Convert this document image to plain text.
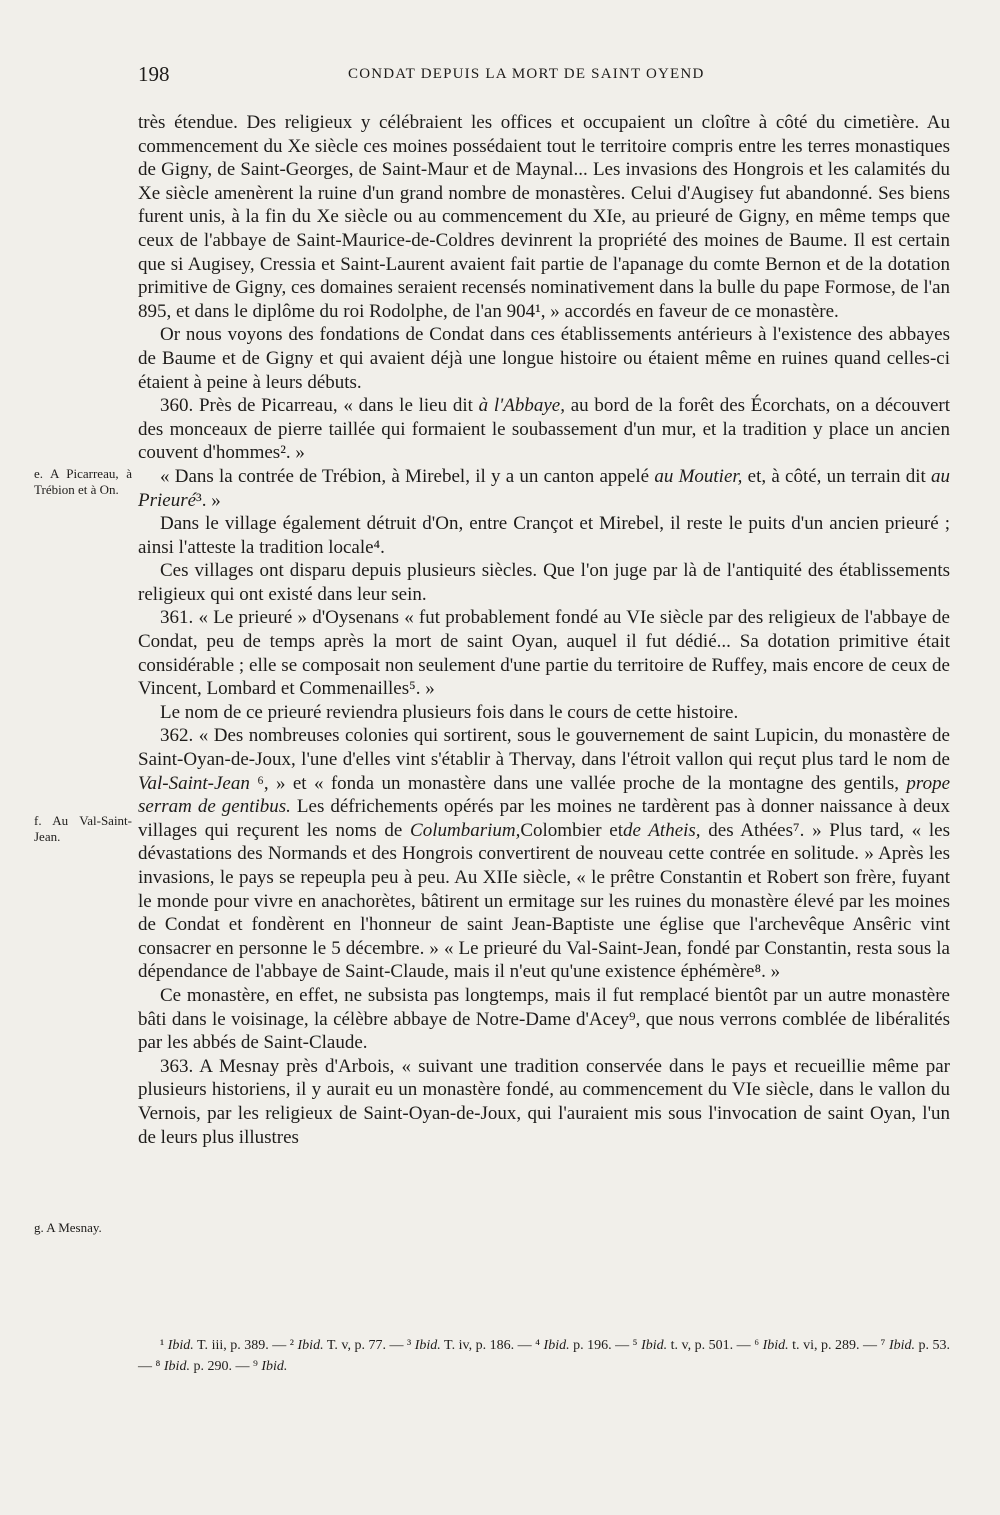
198	CONDAT DEPUIS LA MORT DE SAINT OYEND
e. A Picarreau, à Trébion et à On.
f. Au Val-Saint-Jean.
g. A Mesnay.

très étendue. Des religieux y célébraient les offices et occupaient un cloître à côté du cimetière. Au commencement du Xe siècle ces moines possédaient tout le territoire compris entre les terres monastiques de Gigny, de Saint-Georges, de Saint-Maur et de Maynal... Les invasions des Hongrois et les calamités du Xe siècle amenèrent la ruine d'un grand nombre de monastères. Celui d'Augisey fut abandonné. Ses biens furent unis, à la fin du Xe siècle ou au commencement du XIe, au prieuré de Gigny, en même temps que ceux de l'abbaye de Saint-Maurice-de-Coldres devinrent la propriété des moines de Baume. Il est certain que si Augisey, Cressia et Saint-Laurent avaient fait partie de l'apanage du comte Bernon et de la dotation primitive de Gigny, ces domaines seraient recensés nominativement dans la bulle du pape Formose, de l'an 895, et dans le diplôme du roi Rodolphe, de l'an 904¹, » accordés en faveur de ce monastère.

Or nous voyons des fondations de Condat dans ces établissements antérieurs à l'existence des abbayes de Baume et de Gigny et qui avaient déjà une longue histoire ou étaient même en ruines quand celles-ci étaient à peine à leurs débuts.

360. Près de Picarreau, « dans le lieu dit à l'Abbaye, au bord de la forêt des Écorchats, on a découvert des monceaux de pierre taillée qui formaient le soubassement d'un mur, et la tradition y place un ancien couvent d'hommes². »

« Dans la contrée de Trébion, à Mirebel, il y a un canton appelé au Moutier, et, à côté, un terrain dit au Prieuré³. »

Dans le village également détruit d'On, entre Crançot et Mirebel, il reste le puits d'un ancien prieuré ; ainsi l'atteste la tradition locale⁴.

Ces villages ont disparu depuis plusieurs siècles. Que l'on juge par là de l'antiquité des établissements religieux qui ont existé dans leur sein.

361. « Le prieuré » d'Oysenans « fut probablement fondé au VIe siècle par des religieux de l'abbaye de Condat, peu de temps après la mort de saint Oyan, auquel il fut dédié... Sa dotation primitive était considérable ; elle se composait non seulement d'une partie du territoire de Ruffey, mais encore de ceux de Vincent, Lombard et Commenailles⁵. »

Le nom de ce prieuré reviendra plusieurs fois dans le cours de cette histoire.

362. « Des nombreuses colonies qui sortirent, sous le gouvernement de saint Lupicin, du monastère de Saint-Oyan-de-Joux, l'une d'elles vint s'établir à Thervay, dans l'étroit vallon qui reçut plus tard le nom de Val-Saint-Jean ⁶, » et « fonda un monastère dans une vallée proche de la montagne des gentils, prope serram de gentibus. Les défrichements opérés par les moines ne tardèrent pas à donner naissance à deux villages qui reçurent les noms de Columbarium,Colombier etde Atheis, des Athées⁷. » Plus tard, « les dévastations des Normands et des Hongrois convertirent de nouveau cette contrée en solitude. » Après les invasions, le pays se repeupla peu à peu. Au XIIe siècle, « le prêtre Constantin et Robert son frère, fuyant le monde pour vivre en anachorètes, bâtirent un ermitage sur les ruines du monastère élevé par les moines de Condat et fondèrent en l'honneur de saint Jean-Baptiste une église que l'archevêque Ansêric vint consacrer en personne le 5 décembre. » « Le prieuré du Val-Saint-Jean, fondé par Constantin, resta sous la dépendance de l'abbaye de Saint-Claude, mais il n'eut qu'une existence éphémère⁸. »

Ce monastère, en effet, ne subsista pas longtemps, mais il fut remplacé bientôt par un autre monastère bâti dans le voisinage, la célèbre abbaye de Notre-Dame d'Acey⁹, que nous verrons comblée de libéralités par les abbés de Saint-Claude.

363. A Mesnay près d'Arbois, « suivant une tradition conservée dans le pays et recueillie même par plusieurs historiens, il y aurait eu un monastère fondé, au commencement du VIe siècle, dans le vallon du Vernois, par les religieux de Saint-Oyan-de-Joux, qui l'auraient mis sous l'invocation de saint Oyan, l'un de leurs plus illustres

¹ Ibid. T. iii, p. 389. — ² Ibid. T. v, p. 77. — ³ Ibid. T. iv, p. 186. — ⁴ Ibid. p. 196. — ⁵ Ibid. t. v, p. 501. — ⁶ Ibid. t. vi, p. 289. — ⁷ Ibid. p. 53. — ⁸ Ibid. p. 290. — ⁹ Ibid.
